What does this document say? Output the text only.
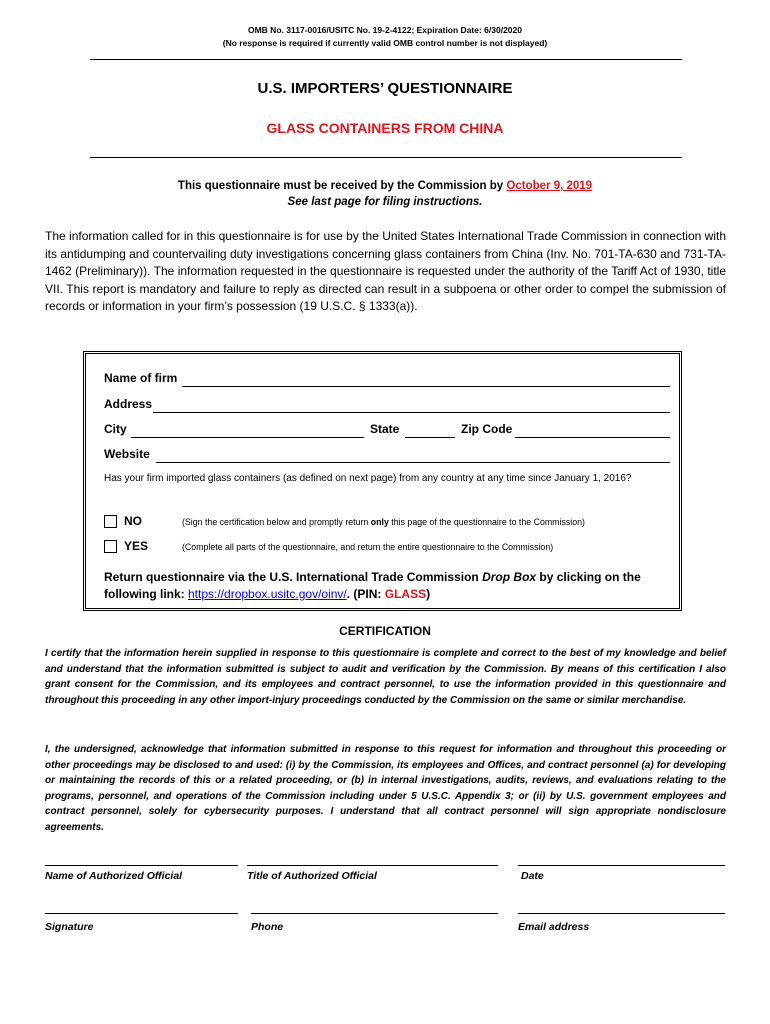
OMB No. 3117-0016/USITC No. 19-2-4122; Expiration Date: 6/30/2020
(No response is required if currently valid OMB control number is not displayed)
U.S. IMPORTERS’ QUESTIONNAIRE
GLASS CONTAINERS FROM CHINA
This questionnaire must be received by the Commission by October 9, 2019
See last page for filing instructions.
The information called for in this questionnaire is for use by the United States International Trade Commission in connection with its antidumping and countervailing duty investigations concerning glass containers from China (Inv. No. 701-TA-630 and 731-TA-1462 (Preliminary)). The information requested in the questionnaire is requested under the authority of the Tariff Act of 1930, title VII. This report is mandatory and failure to reply as directed can result in a subpoena or other order to compel the submission of records or information in your firm’s possession (19 U.S.C. § 1333(a)).
Name of firm
Address
City	State	Zip Code
Website
Has your firm imported glass containers (as defined on next page) from any country at any time since January 1, 2016?
NO	(Sign the certification below and promptly return only this page of the questionnaire to the Commission)
YES	(Complete all parts of the questionnaire, and return the entire questionnaire to the Commission)
Return questionnaire via the U.S. International Trade Commission Drop Box by clicking on the following link: https://dropbox.usitc.gov/oinv/. (PIN: GLASS)
CERTIFICATION
I certify that the information herein supplied in response to this questionnaire is complete and correct to the best of my knowledge and belief and understand that the information submitted is subject to audit and verification by the Commission. By means of this certification I also grant consent for the Commission, and its employees and contract personnel, to use the information provided in this questionnaire and throughout this proceeding in any other import-injury proceedings conducted by the Commission on the same or similar merchandise.
I, the undersigned, acknowledge that information submitted in response to this request for information and throughout this proceeding or other proceedings may be disclosed to and used: (i) by the Commission, its employees and Offices, and contract personnel (a) for developing or maintaining the records of this or a related proceeding, or (b) in internal investigations, audits, reviews, and evaluations relating to the programs, personnel, and operations of the Commission including under 5 U.S.C. Appendix 3; or (ii) by U.S. government employees and contract personnel, solely for cybersecurity purposes. I understand that all contract personnel will sign appropriate nondisclosure agreements.
Name of Authorized Official	Title of Authorized Official	Date
Signature	Phone	Email address
